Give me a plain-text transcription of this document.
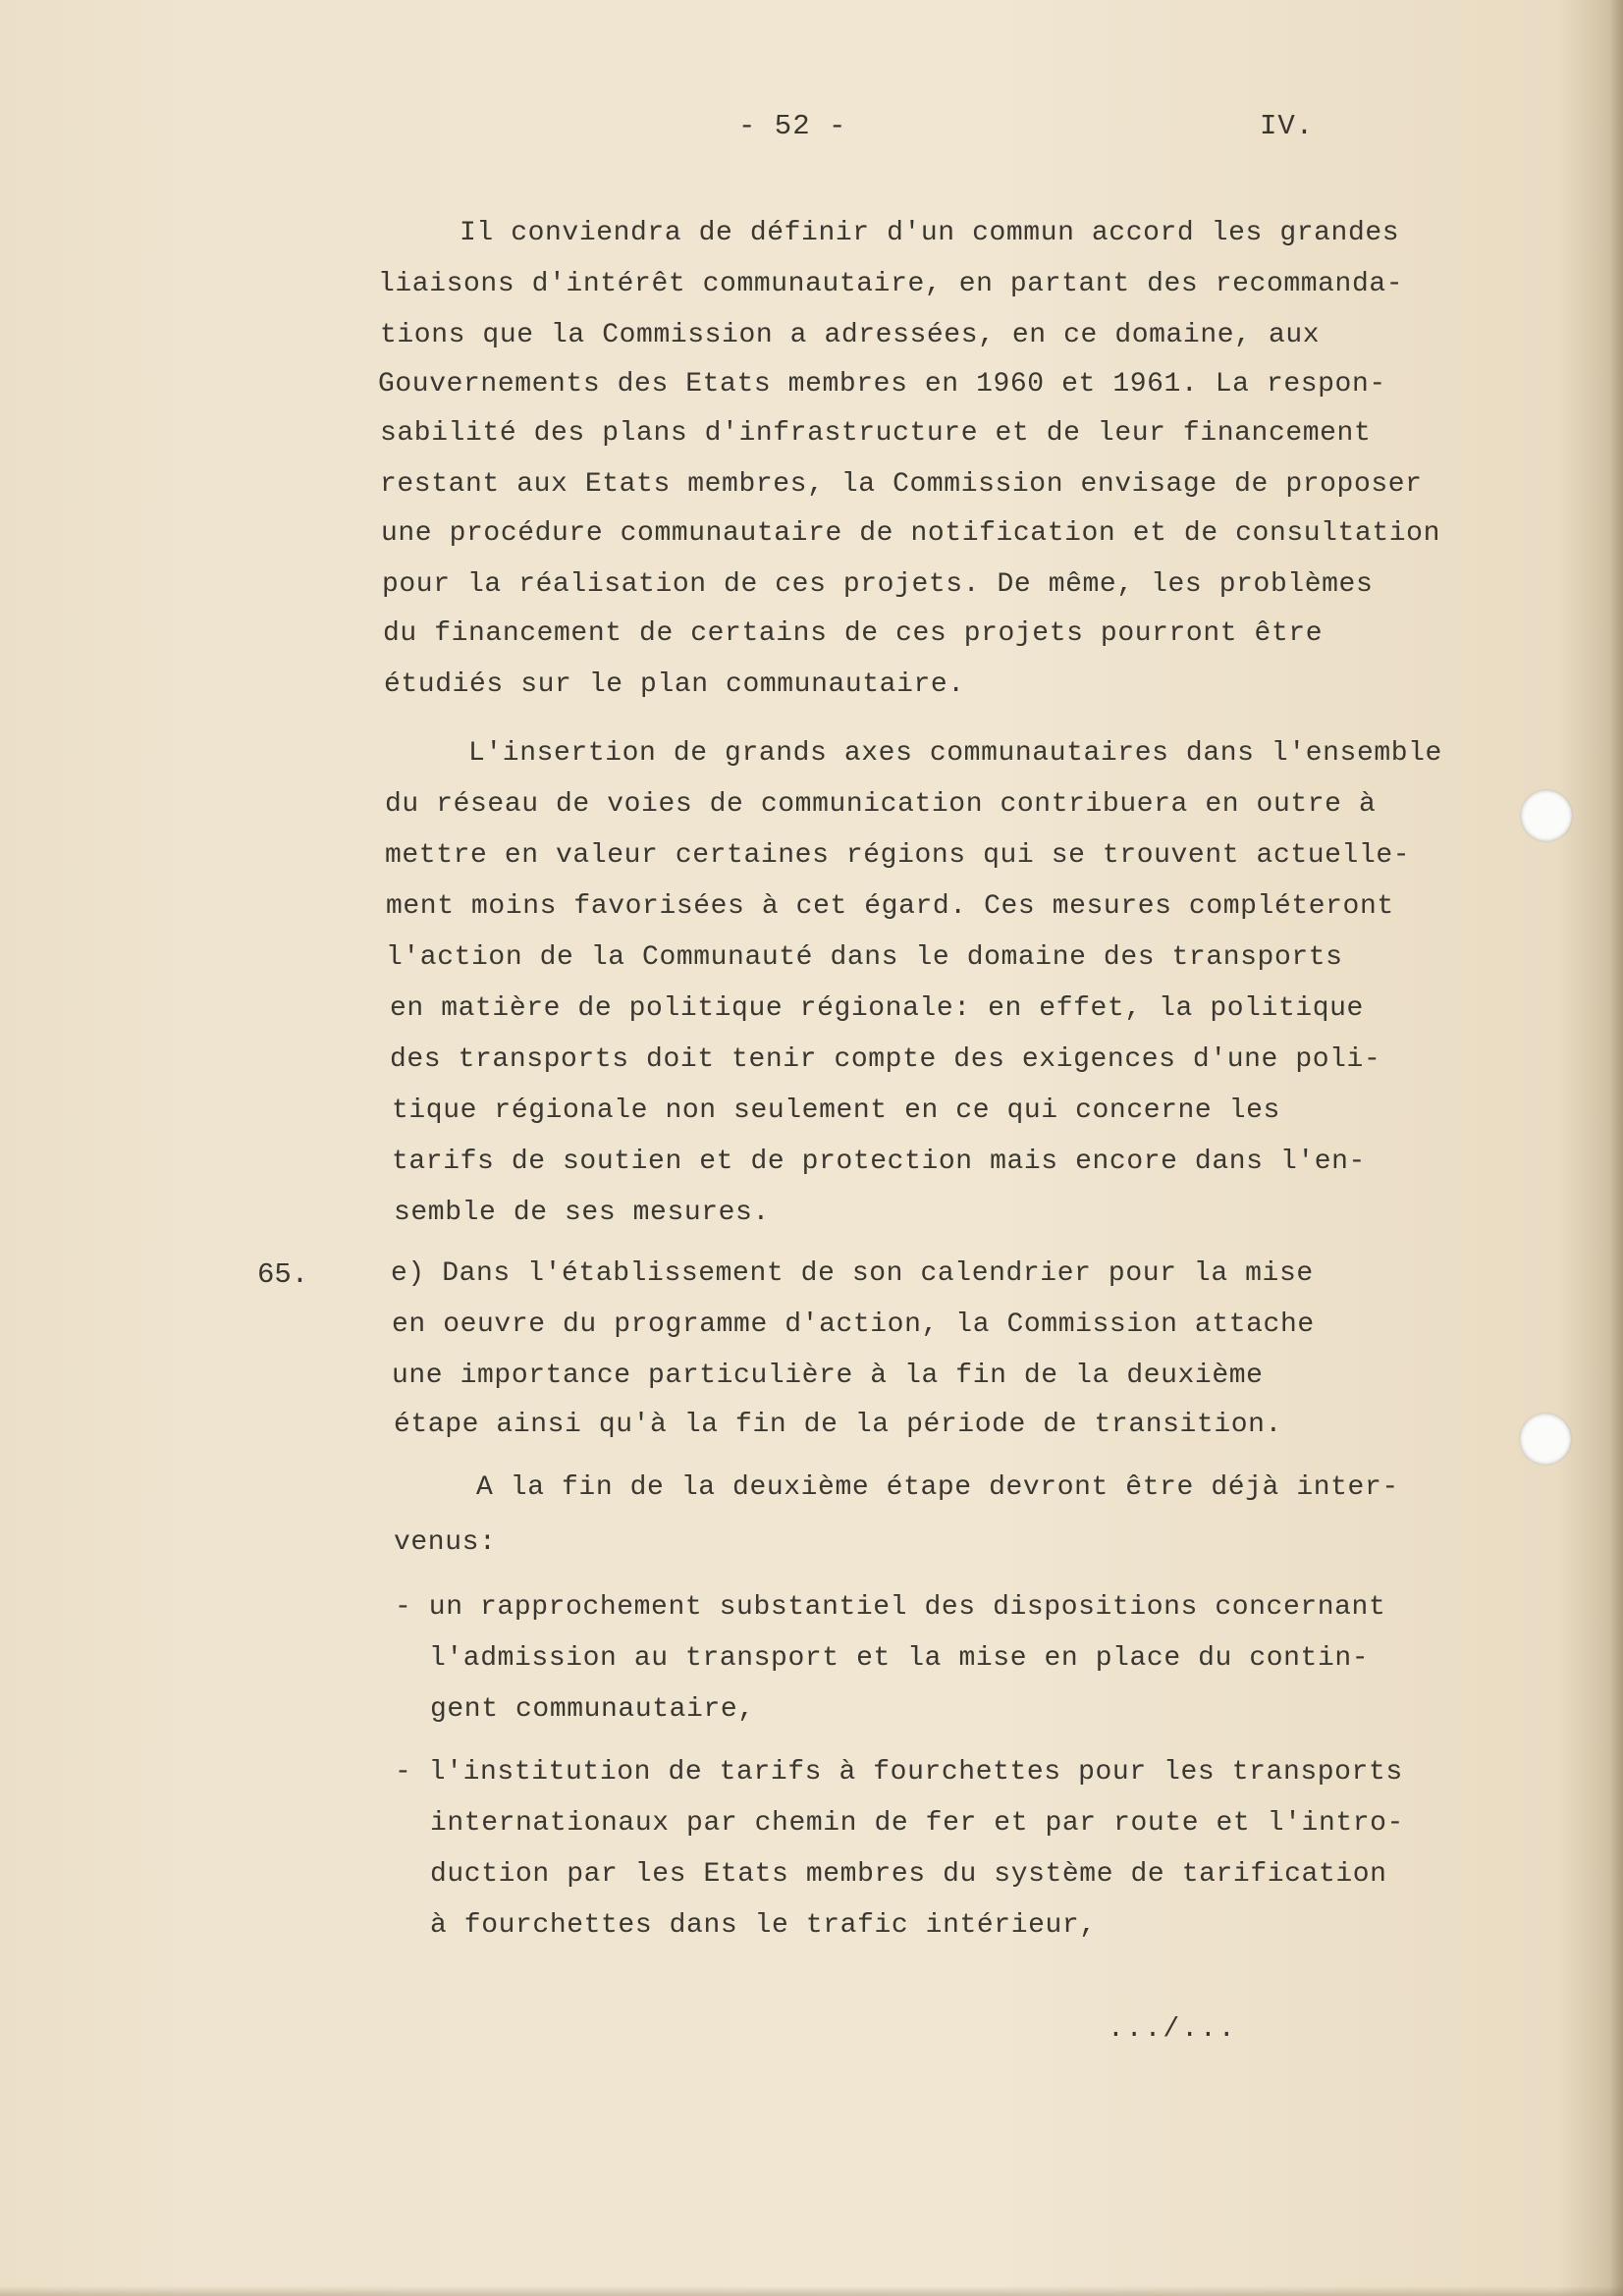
- 52 -	IV.
65.
Il conviendra de définir d'un commun accord les grandes
liaisons d'intérêt communautaire, en partant des recommanda-
tions que la Commission a adressées, en ce domaine, aux
Gouvernements des Etats membres en 1960 et 1961. La respon-
sabilité des plans d'infrastructure et de leur financement
restant aux Etats membres, la Commission envisage de proposer
une procédure communautaire de notification et de consultation
pour la réalisation de ces projets. De même, les problèmes
du financement de certains de ces projets pourront être
étudiés sur le plan communautaire.
L'insertion de grands axes communautaires dans l'ensemble
du réseau de voies de communication contribuera en outre à
mettre en valeur certaines régions qui se trouvent actuelle-
ment moins favorisées à cet égard. Ces mesures compléteront
l'action de la Communauté dans le domaine des transports
en matière de politique régionale: en effet, la politique
des transports doit tenir compte des exigences d'une poli-
tique régionale non seulement en ce qui concerne les
tarifs de soutien et de protection mais encore dans l'en-
semble de ses mesures.
e) Dans l'établissement de son calendrier pour la mise
en oeuvre du programme d'action, la Commission attache
une importance particulière à la fin de la deuxième
étape ainsi qu'à la fin de la période de transition.
A la fin de la deuxième étape devront être déjà inter-
venus:
- un rapprochement substantiel des dispositions concernant
l'admission au transport et la mise en place du contin-
gent communautaire,
- l'institution de tarifs à fourchettes pour les transports
internationaux par chemin de fer et par route et l'intro-
duction par les Etats membres du système de tarification
à fourchettes dans le trafic intérieur,
.../...
